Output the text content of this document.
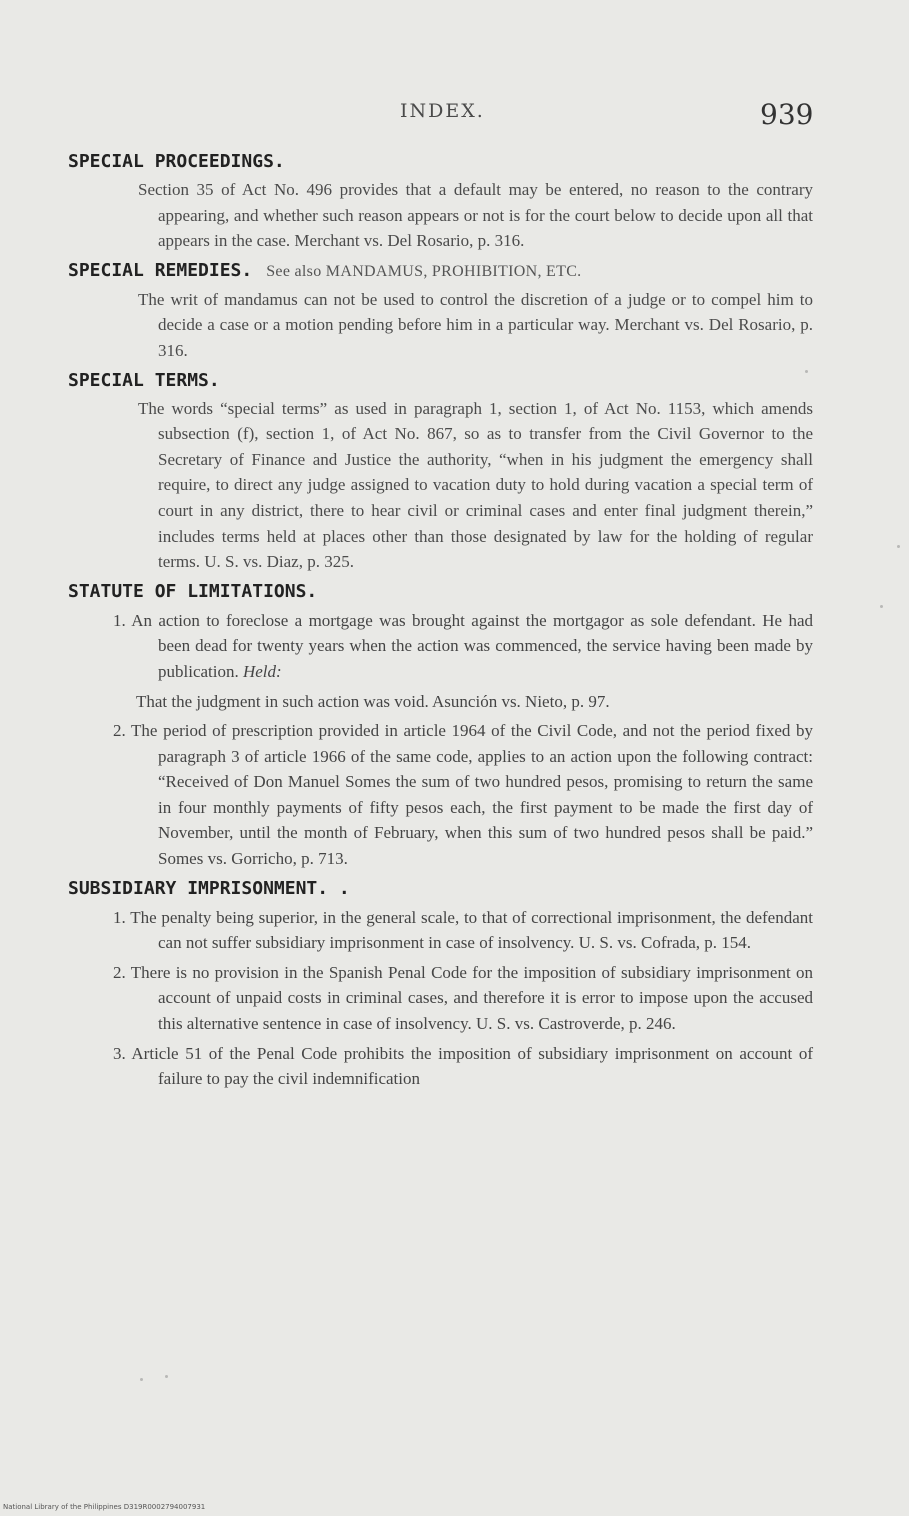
INDEX.	939
SPECIAL PROCEEDINGS.

Section 35 of Act No. 496 provides that a default may be entered, no reason to the contrary appearing, and whether such reason appears or not is for the court below to decide upon all that appears in the case. Merchant vs. Del Rosario, p. 316.

SPECIAL REMEDIES. See also MANDAMUS, PROHIBITION, ETC.

The writ of mandamus can not be used to control the discretion of a judge or to compel him to decide a case or a motion pending before him in a particular way. Merchant vs. Del Rosario, p. 316.

SPECIAL TERMS.

The words “special terms” as used in paragraph 1, section 1, of Act No. 1153, which amends subsection (f), section 1, of Act No. 867, so as to transfer from the Civil Governor to the Secretary of Finance and Justice the authority, “when in his judgment the emergency shall require, to direct any judge assigned to vacation duty to hold during vacation a special term of court in any district, there to hear civil or criminal cases and enter final judgment therein,” includes terms held at places other than those designated by law for the holding of regular terms. U. S. vs. Diaz, p. 325.

STATUTE OF LIMITATIONS.

1. An action to foreclose a mortgage was brought against the mortgagor as sole defendant. He had been dead for twenty years when the action was commenced, the service having been made by publication. Held:

That the judgment in such action was void. Asunción vs. Nieto, p. 97.

2. The period of prescription provided in article 1964 of the Civil Code, and not the period fixed by paragraph 3 of article 1966 of the same code, applies to an action upon the following contract: “Received of Don Manuel Somes the sum of two hundred pesos, promising to return the same in four monthly payments of fifty pesos each, the first payment to be made the first day of November, until the month of February, when this sum of two hundred pesos shall be paid.” Somes vs. Gorricho, p. 713.

SUBSIDIARY IMPRISONMENT. .

1. The penalty being superior, in the general scale, to that of correctional imprisonment, the defendant can not suffer subsidiary imprisonment in case of insolvency. U. S. vs. Cofrada, p. 154.

2. There is no provision in the Spanish Penal Code for the imposition of subsidiary imprisonment on account of unpaid costs in criminal cases, and therefore it is error to impose upon the accused this alternative sentence in case of insolvency. U. S. vs. Castroverde, p. 246.

3. Article 51 of the Penal Code prohibits the imposition of subsidiary imprisonment on account of failure to pay the civil indemnification

National Library of the Philippines D319R0002794007931
